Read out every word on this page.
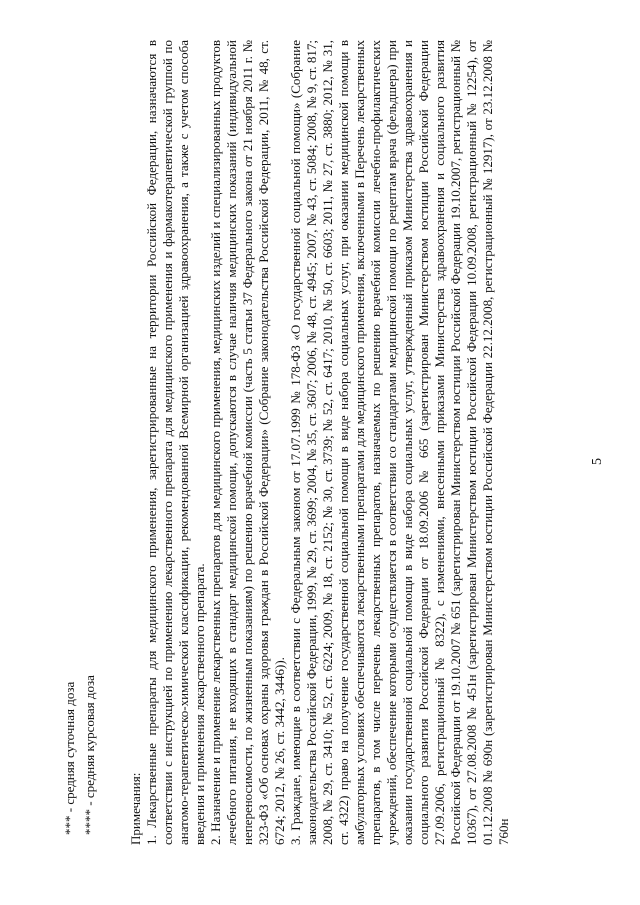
5
*** - средняя суточная доза
**** - средняя курсовая доза

Примечания: 1. Лекарственные препараты для медицинского применения, зарегистрированные на территории Российской Федерации, назначаются в соответствии с инструкцией по применению лекарственного препарата для медицинского применения и фармакотерапевтической группой по анатомо-терапевтическо-химической классификации, рекомендованной Всемирной организацией здравоохранения, а также с учетом способа введения и применения лекарственного препарата. 2. Назначение и применение лекарственных препаратов для медицинского применения, медицинских изделий и специализированных продуктов лечебного питания, не входящих в стандарт медицинской помощи, допускаются в случае наличия медицинских показаний (индивидуальной непереносимости, по жизненным показаниям) по решению врачебной комиссии (часть 5 статьи 37 Федерального закона от 21 ноября 2011 г. № 323-ФЗ «Об основах охраны здоровья граждан в Российской Федерации» (Собрание законодательства Российской Федерации, 2011, № 48, ст. 6724; 2012, № 26, ст. 3442, 3446)). 3. Граждане, имеющие в соответствии с Федеральным законом от 17.07.1999 № 178-ФЗ «О государственной социальной помощи» (Собрание законодательства Российской Федерации, 1999, № 29, ст. 3699; 2004, № 35, ст. 3607; 2006, № 48, ст. 4945; 2007, № 43, ст. 5084; 2008, № 9, ст. 817; 2008, № 29, ст. 3410; № 52, ст. 6224; 2009, № 18, ст. 2152; № 30, ст. 3739; № 52, ст. 6417; 2010, № 50, ст. 6603; 2011, № 27, ст. 3880; 2012, № 31, ст. 4322) право на получение государственной социальной помощи в виде набора социальных услуг, при оказании медицинской помощи в амбулаторных условиях обеспечиваются лекарственными препаратами для медицинского применения, включенными в Перечень лекарственных препаратов, в том числе перечень лекарственных препаратов, назначаемых по решению врачебной комиссии лечебно-профилактических учреждений, обеспечение которыми осуществляется в соответствии со стандартами медицинской помощи по рецептам врача (фельдшера) при оказании государственной социальной помощи в виде набора социальных услуг, утвержденный приказом Министерства здравоохранения и социального развития Российской Федерации от 18.09.2006 № 665 (зарегистрирован Министерством юстиции Российской Федерации 27.09.2006, регистрационный № 8322), с изменениями, внесенными приказами Министерства здравоохранения и социального развития Российской Федерации от 19.10.2007 № 651 (зарегистрирован Министерством юстиции Российской Федерации 19.10.2007, регистрационный № 10367), от 27.08.2008 № 451н (зарегистрирован Министерством юстиции Российской Федерации 10.09.2008, регистрационный № 12254), от 01.12.2008 № 690н (зарегистрирован Министерством юстиции Российской Федерации 22.12.2008, регистрационный № 12917), от 23.12.2008 № 760н
